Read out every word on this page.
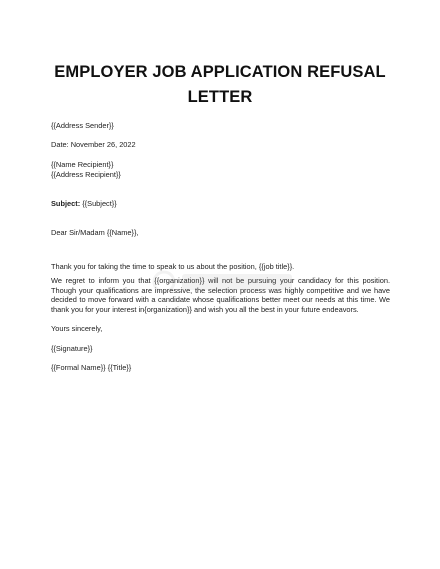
EMPLOYER JOB APPLICATION REFUSAL
LETTER
{{Address Sender}}
Date: November 26, 2022
{{Name Recipient}}
{{Address Recipient}}
Subject: {{Subject}}
Dear Sir/Madam {{Name}},
Thank you for taking the time to speak to us about the position, {{job title}}.
We regret to inform you that {{organization}} will not be pursuing your candidacy for this position. Though your qualifications are impressive, the selection process was highly competitive and we have decided to move forward with a candidate whose qualifications better meet our needs at this time. We thank you for your interest in{organization}} and wish you all the best in your future endeavors.
Yours sincerely,
{{Signature}}
{{Formal Name}} {{Title}}
